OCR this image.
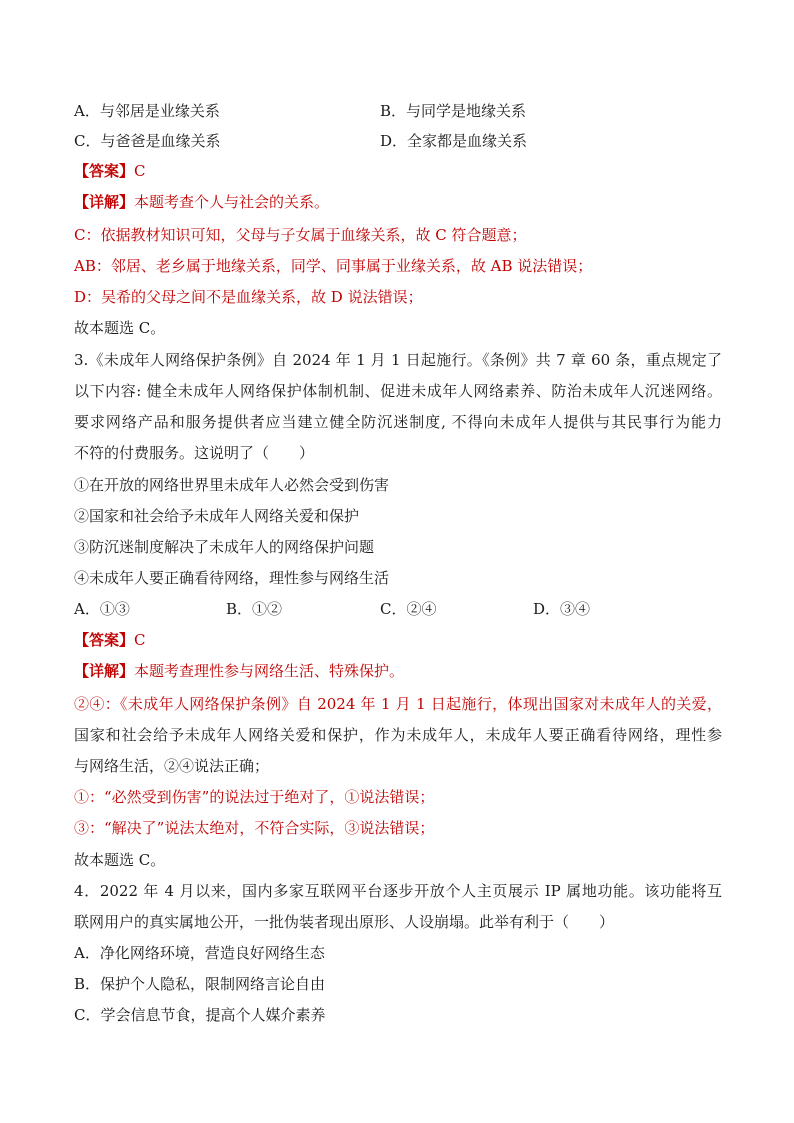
A．与邻居是业缘关系	B．与同学是地缘关系
C．与爸爸是血缘关系	D．全家都是血缘关系
【答案】C
【详解】本题考查个人与社会的关系。
C：依据教材知识可知，父母与子女属于血缘关系，故 C 符合题意；
AB：邻居、老乡属于地缘关系，同学、同事属于业缘关系，故 AB 说法错误；
D：吴希的父母之间不是血缘关系，故 D 说法错误；
故本题选 C。
3.《未成年人网络保护条例》自 2024 年 1 月 1 日起施行。《条例》共 7 章 60 条，重点规定了
以下内容: 健全未成年人网络保护体制机制、促进未成年人网络素养、防治未成年人沉迷网络。
要求网络产品和服务提供者应当建立健全防沉迷制度, 不得向未成年人提供与其民事行为能力
不符的付费服务。这说明了（　　）
①在开放的网络世界里未成年人必然会受到伤害
②国家和社会给予未成年人网络关爱和保护
③防沉迷制度解决了未成年人的网络保护问题
④未成年人要正确看待网络，理性参与网络生活
A．①③	B．①②	C．②④	D．③④
【答案】C
【详解】本题考查理性参与网络生活、特殊保护。
②④：《未成年人网络保护条例》自 2024 年 1 月 1 日起施行，体现出国家对未成年人的关爱，
国家和社会给予未成年人网络关爱和保护，作为未成年人，未成年人要正确看待网络，理性参
与网络生活，②④说法正确；
①：“必然受到伤害”的说法过于绝对了，①说法错误；
③：“解决了”说法太绝对，不符合实际，③说法错误；
故本题选 C。
4．2022 年 4 月以来，国内多家互联网平台逐步开放个人主页展示 IP 属地功能。该功能将互
联网用户的真实属地公开，一批伪装者现出原形、人设崩塌。此举有利于（　　）
A．净化网络环境，营造良好网络生态
B．保护个人隐私，限制网络言论自由
C．学会信息节食，提高个人媒介素养
